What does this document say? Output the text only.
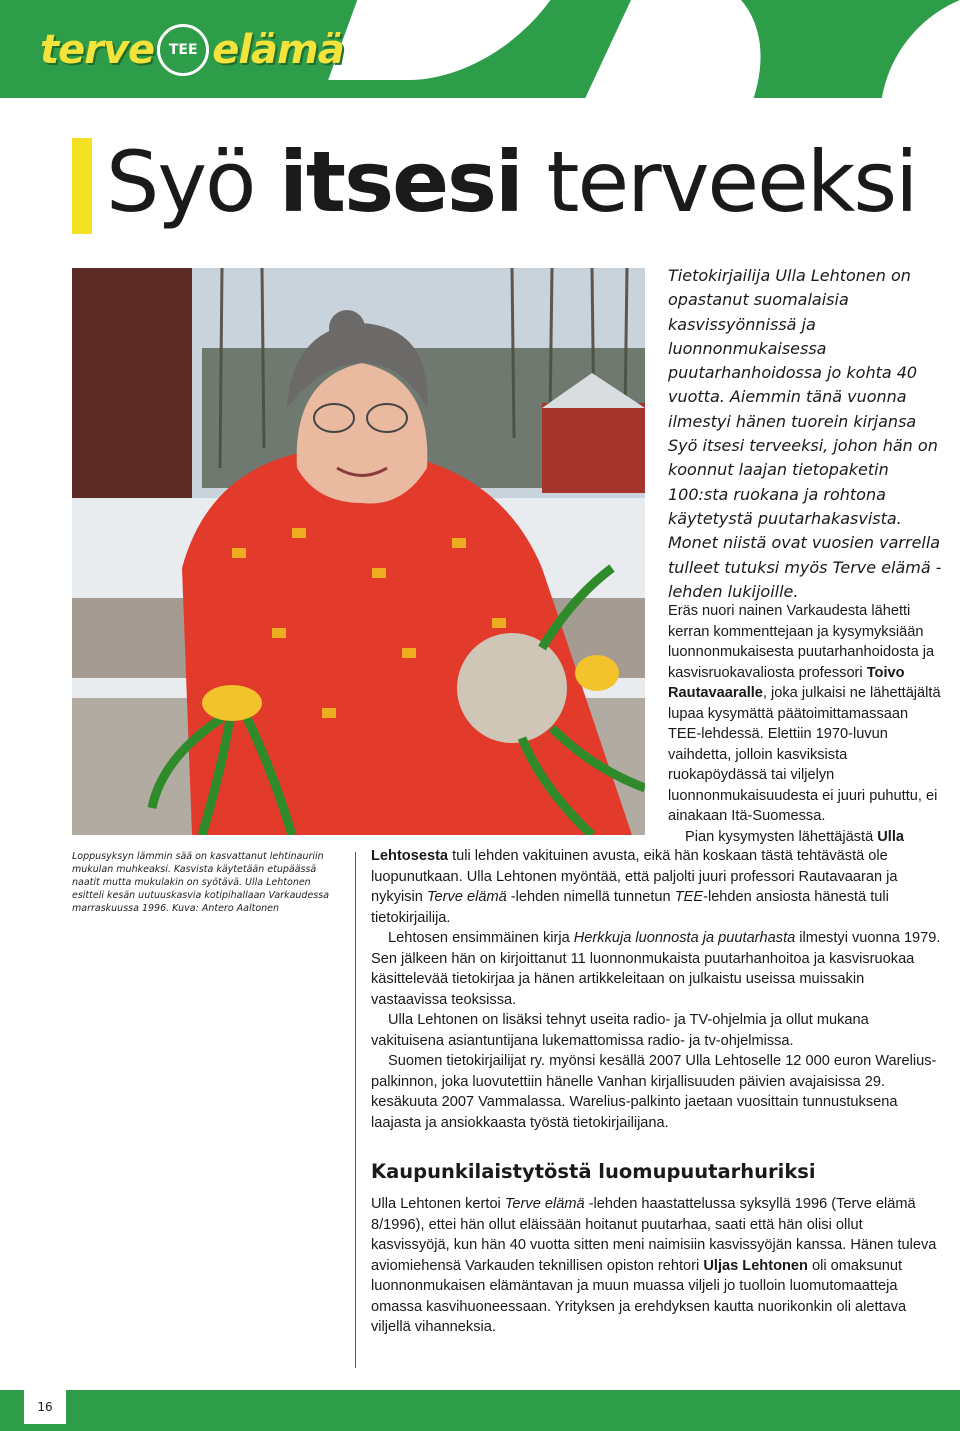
terve	TEE elämä
Syö itsesi terveeksi
Loppusyksyn lämmin sää on kasvattanut lehtinauriin mukulan muhkeaksi. Kasvista käytetään etupäässä naatit mutta mukulakin on syötävä. Ulla Lehtonen esitteli kesän uutuuskasvia kotipihallaan Varkaudessa marraskuussa 1996. Kuva: Antero Aaltonen

Tietokirjailija Ulla Lehtonen on opastanut suomalaisia kasvissyönnissä ja luonnonmukaisessa puutarhanhoidossa jo kohta 40 vuotta. Aiemmin tänä vuonna ilmestyi hänen tuorein kirjansa Syö itsesi terveeksi, johon hän on koonnut laajan tietopaketin 100:sta ruokana ja rohtona käytetystä puutarhakasvista. Monet niistä ovat vuosien varrella tulleet tutuksi myös Terve elämä -lehden lukijoille.

Eräs nuori nainen Varkaudesta lähetti kerran kommenttejaan ja kysymyksiään luonnonmukaisesta puutarhanhoidosta ja kasvisruokavaliosta professori Toivo Rautavaaralle, joka julkaisi ne lähettäjältä lupaa kysymättä päätoimittamassaan TEE-lehdessä. Elettiin 1970-luvun vaihdetta, jolloin kasviksista ruokapöydässä tai viljelyn luonnonmukaisuudesta ei juuri puhuttu, ei ainakaan Itä-Suomessa.

Pian kysymysten lähettäjästä Ulla

Lehtosesta tuli lehden vakituinen avusta, eikä hän koskaan tästä tehtävästä ole luopunutkaan. Ulla Lehtonen myöntää, että paljolti juuri professori Rautavaaran ja nykyisin Terve elämä -lehden nimellä tunnetun TEE-lehden ansiosta hänestä tuli tietokirjailija.

Lehtosen ensimmäinen kirja Herkkuja luonnosta ja puutarhasta ilmestyi vuonna 1979. Sen jälkeen hän on kirjoittanut 11 luonnonmukaista puutarhanhoitoa ja kasvisruokaa käsittelevää tietokirjaa ja hänen artikkeleitaan on julkaistu useissa muissakin vastaavissa teoksissa.

Ulla Lehtonen on lisäksi tehnyt useita radio- ja TV-ohjelmia ja ollut mukana vakituisena asiantuntijana lukemattomissa radio- ja tv-ohjelmissa.

Suomen tietokirjailijat ry. myönsi kesällä 2007 Ulla Lehtoselle 12 000 euron Warelius-palkinnon, joka luovutettiin hänelle Vanhan kirjallisuuden päivien avajaisissa 29. kesäkuuta 2007 Vammalassa. Warelius-palkinto jaetaan vuosittain tunnustuksena laajasta ja ansiokkaasta työstä tietokirjailijana.

Kaupunkilaistytöstä luomupuutarhuriksi

Ulla Lehtonen kertoi Terve elämä -lehden haastattelussa syksyllä 1996 (Terve elämä 8/1996), ettei hän ollut eläissään hoitanut puutarhaa, saati että hän olisi ollut kasvissyöjä, kun hän 40 vuotta sitten meni naimisiin kasvissyöjän kanssa. Hänen tuleva aviomiehensä Varkauden teknillisen opiston rehtori Uljas Lehtonen oli omaksunut luonnonmukaisen elämäntavan ja muun muassa viljeli jo tuolloin luomutomaatteja omassa kasvihuoneessaan. Yrityksen ja erehdyksen kautta nuorikonkin oli alettava viljellä vihanneksia.

16
